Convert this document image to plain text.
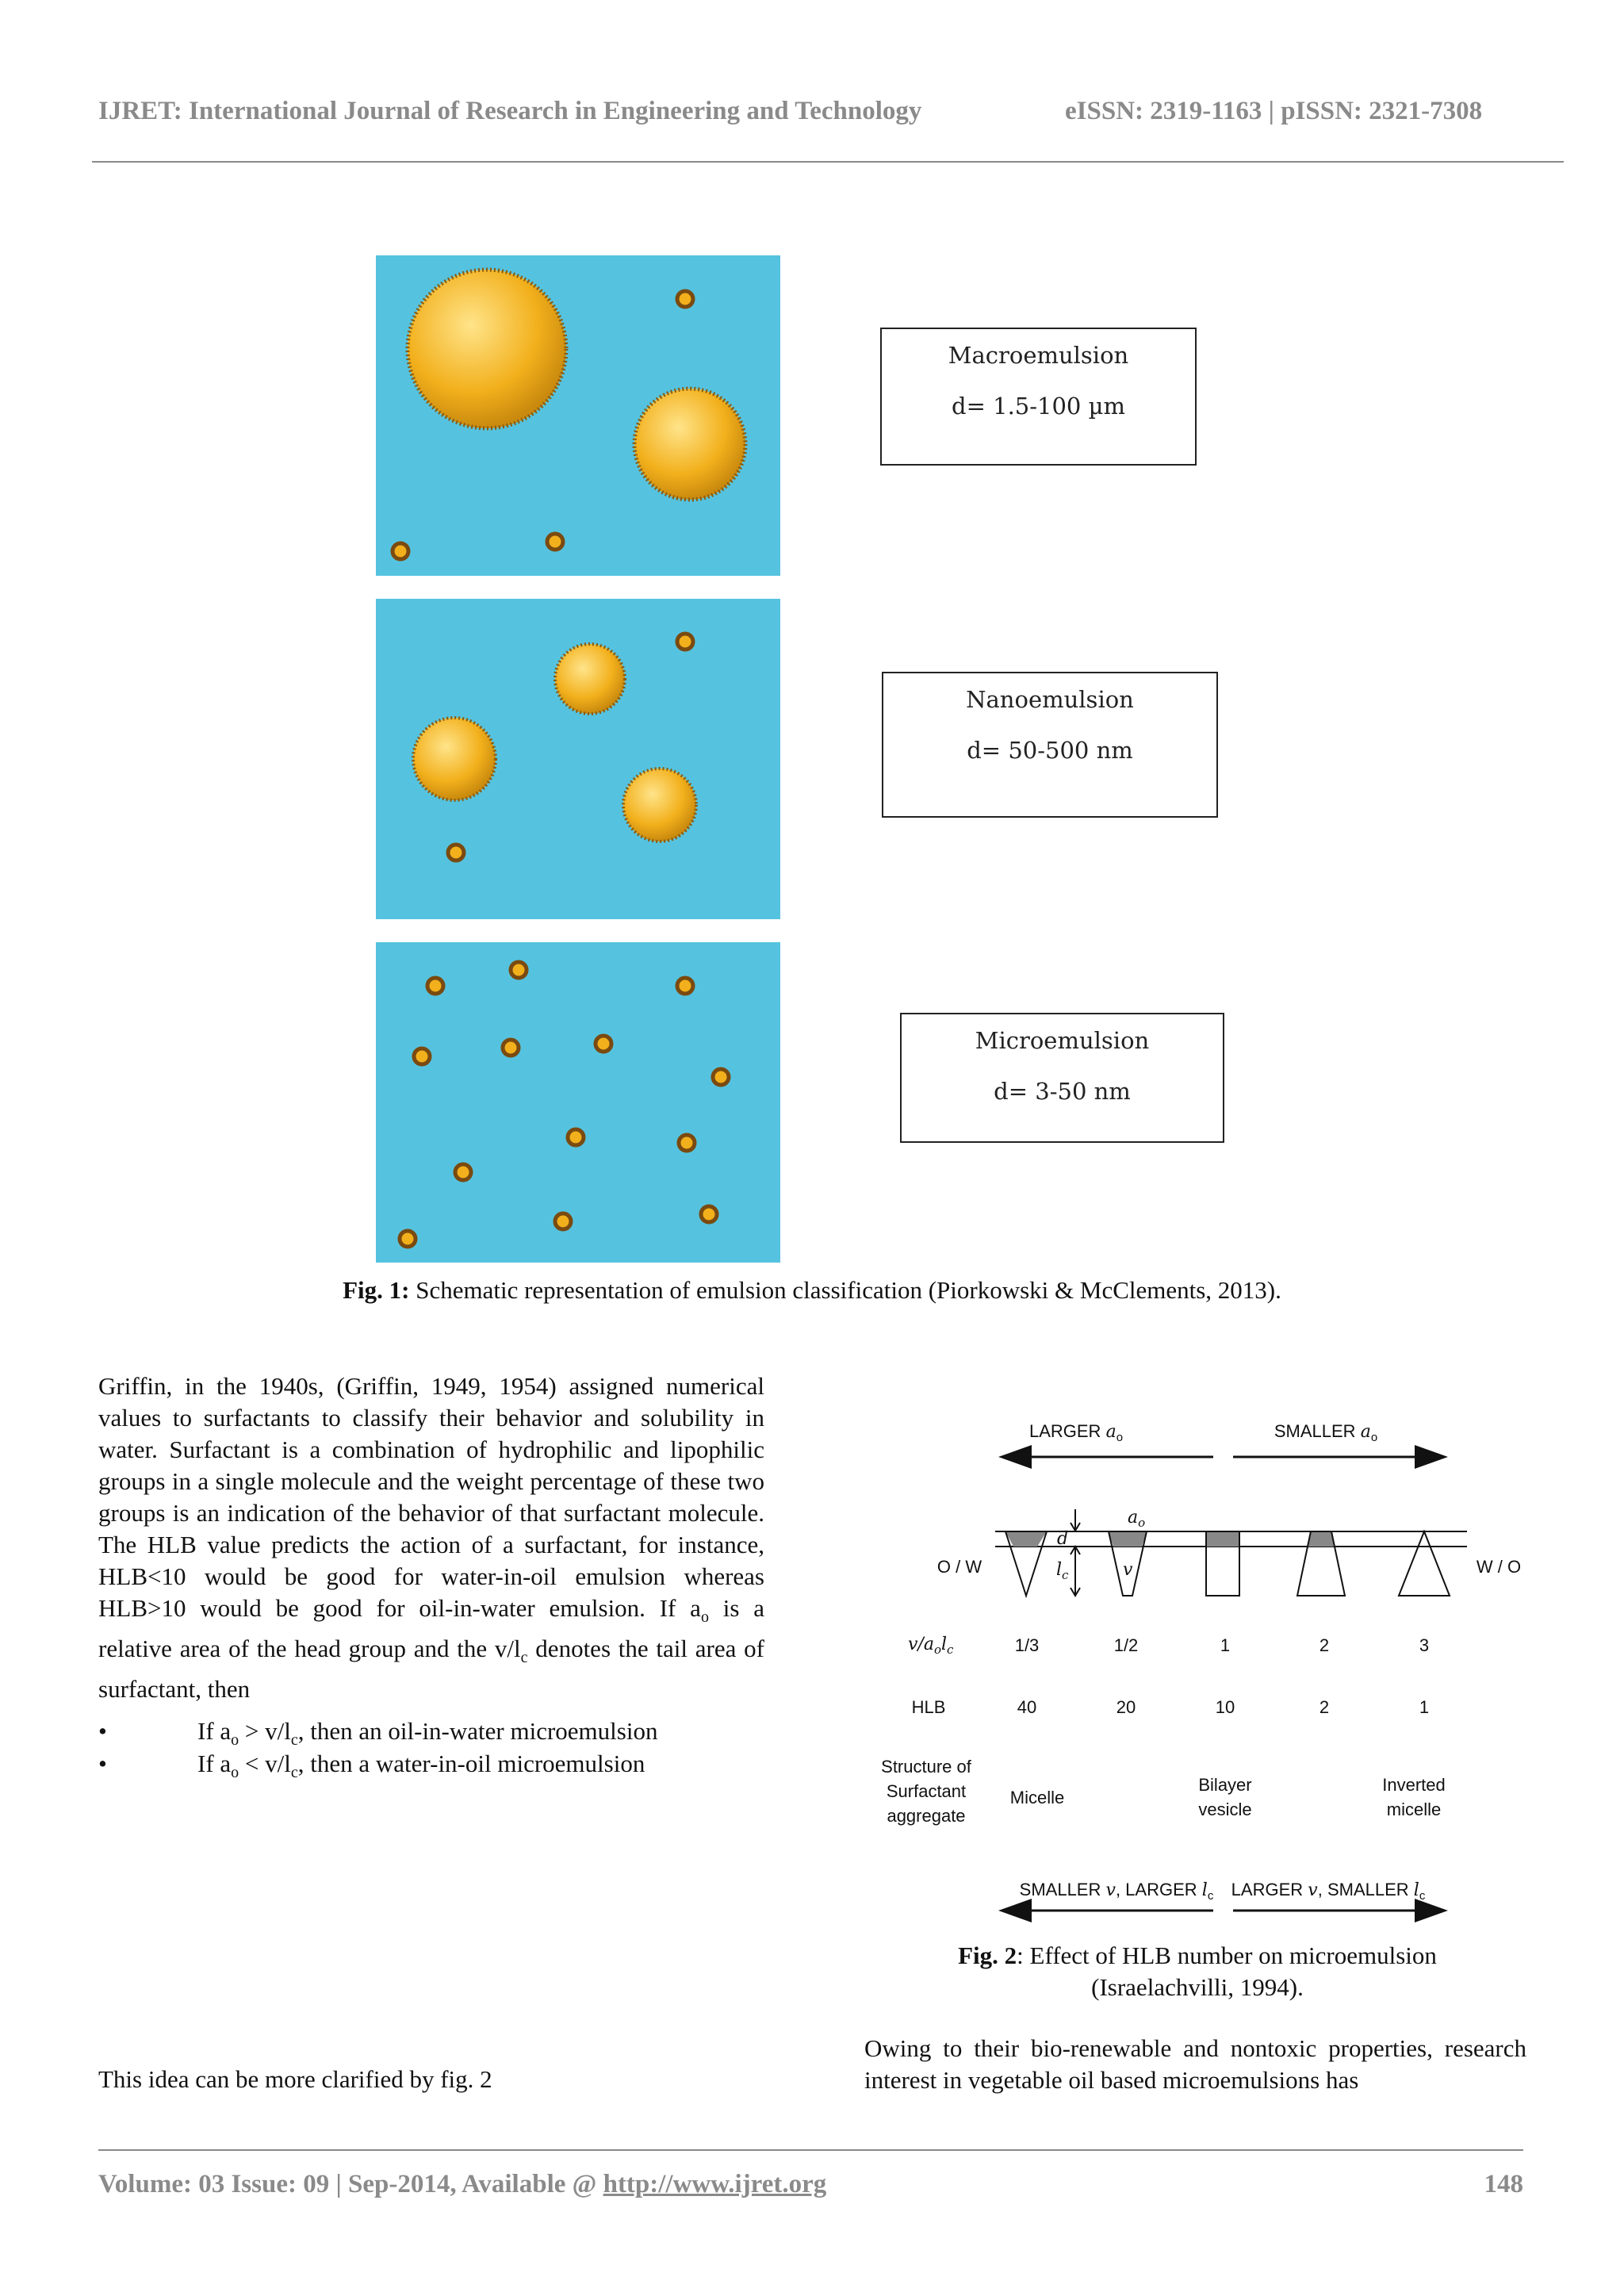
IJRET: International Journal of Research in Engineering and Technology	eISSN: 2319-1163 | pISSN: 2321-7308
Macroemulsion
d= 1.5-100 µm
Nanoemulsion
d= 50-500 nm
Microemulsion
d= 3-50 nm
Fig. 1: Schematic representation of emulsion classification (Piorkowski & McClements, 2013).
Griffin, in the 1940s, (Griffin, 1949, 1954) assigned numerical values to surfactants to classify their behavior and solubility in water. Surfactant is a combination of hydrophilic and lipophilic groups in a single molecule and the weight percentage of these two groups is an indication of the behavior of that surfactant molecule. The HLB value predicts the action of a surfactant, for instance, HLB<10 would be good for water-in-oil emulsion whereas HLB>10 would be good for oil-in-water emulsion. If $a_o$ is a relative area of the head group and the $v/l_c$ denotes the tail area of surfactant, then
•	If $a_o > v/l_c$, then an oil-in-water microemulsion
•	If $a_o < v/l_c$, then a water-in-oil microemulsion
This idea can be more clarified by fig. 2
LARGER $a_o$	SMALLER $a_o$
O / W	W / O
d
$l_c$
$a_o$
v
$v/a_ol_c$	1/3	1/2	1	2	3
HLB	40	20	10	2	1
Structure of
Surfactant
aggregate
Micelle
Bilayer
vesicle
Inverted
micelle
SMALLER v, LARGER $l_c$ LARGER v, SMALLER $l_c$
Fig. 2: Effect of HLB number on microemulsion
(Israelachvilli, 1994).
Owing to their bio-renewable and nontoxic properties, research interest in vegetable oil based microemulsions has
Volume: 03 Issue: 09 | Sep-2014, Available @ http://www.ijret.org	148
